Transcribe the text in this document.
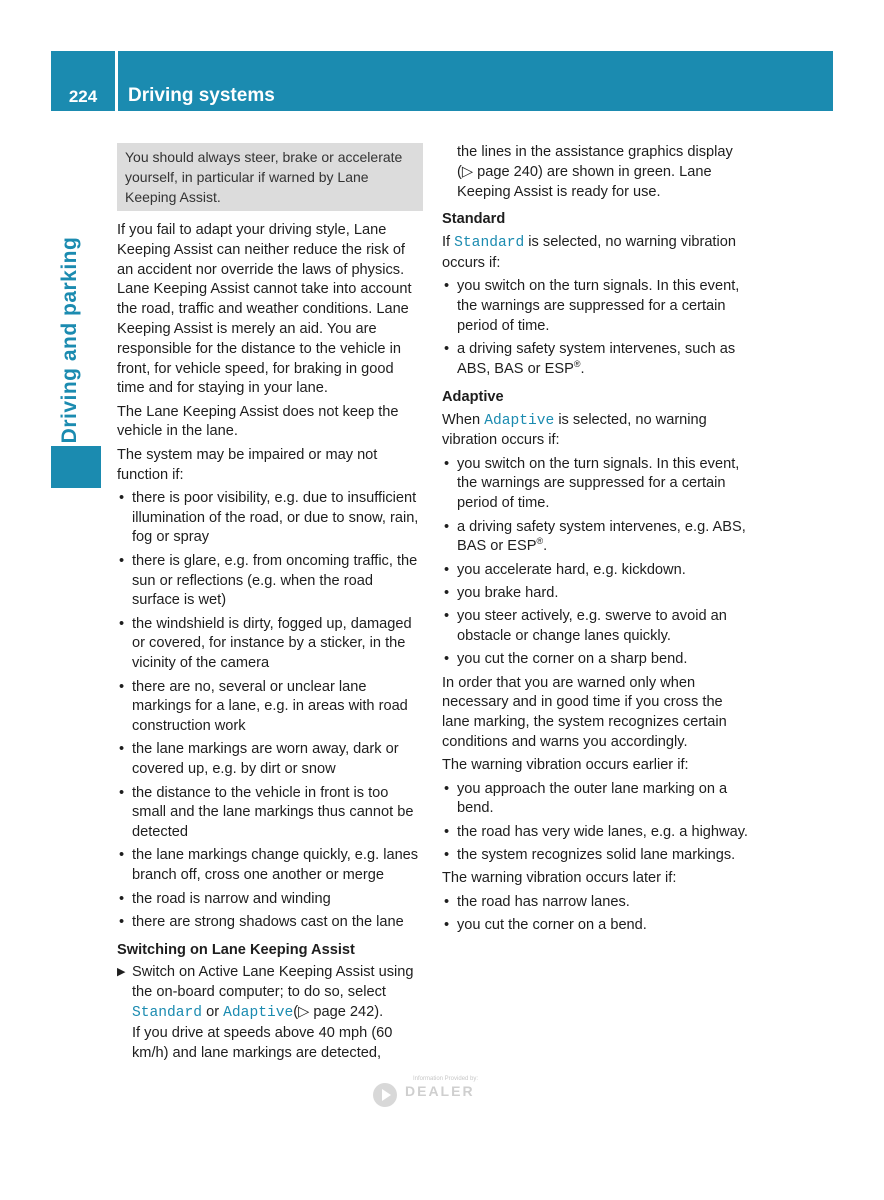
224	Driving systems
Driving and parking
You should always steer, brake or accelerate yourself, in particular if warned by Lane Keeping Assist.

If you fail to adapt your driving style, Lane Keeping Assist can neither reduce the risk of an accident nor override the laws of physics. Lane Keeping Assist cannot take into account the road, traffic and weather conditions. Lane Keeping Assist is merely an aid. You are responsible for the distance to the vehicle in front, for vehicle speed, for braking in good time and for staying in your lane.

The Lane Keeping Assist does not keep the vehicle in the lane.

The system may be impaired or may not function if:

• there is poor visibility, e.g. due to insufficient illumination of the road, or due to snow, rain, fog or spray
• there is glare, e.g. from oncoming traffic, the sun or reflections (e.g. when the road surface is wet)
• the windshield is dirty, fogged up, damaged or covered, for instance by a sticker, in the vicinity of the camera
• there are no, several or unclear lane markings for a lane, e.g. in areas with road construction work
• the lane markings are worn away, dark or covered up, e.g. by dirt or snow
• the distance to the vehicle in front is too small and the lane markings thus cannot be detected
• the lane markings change quickly, e.g. lanes branch off, cross one another or merge
• the road is narrow and winding
• there are strong shadows cast on the lane
Switching on Lane Keeping Assist
▶ Switch on Active Lane Keeping Assist using the on-board computer; to do so, select Standard or Adaptive(▷ page 242).
If you drive at speeds above 40 mph (60 km/h) and lane markings are detected,

the lines in the assistance graphics display (▷ page 240) are shown in green. Lane Keeping Assist is ready for use.

Standard

If Standard is selected, no warning vibration occurs if:

• you switch on the turn signals. In this event, the warnings are suppressed for a certain period of time.
• a driving safety system intervenes, such as ABS, BAS or ESP®.
Adaptive

When Adaptive is selected, no warning vibration occurs if:

• you switch on the turn signals. In this event, the warnings are suppressed for a certain period of time.
• a driving safety system intervenes, e.g. ABS, BAS or ESP®.
• you accelerate hard, e.g. kickdown.
• you brake hard.
• you steer actively, e.g. swerve to avoid an obstacle or change lanes quickly.
• you cut the corner on a sharp bend.

In order that you are warned only when necessary and in good time if you cross the lane marking, the system recognizes certain conditions and warns you accordingly.

The warning vibration occurs earlier if:

• you approach the outer lane marking on a bend.
• the road has very wide lanes, e.g. a highway.
• the system recognizes solid lane markings.

The warning vibration occurs later if:

• the road has narrow lanes.
• you cut the corner on a bend.
Information Provided by:
DEALER
